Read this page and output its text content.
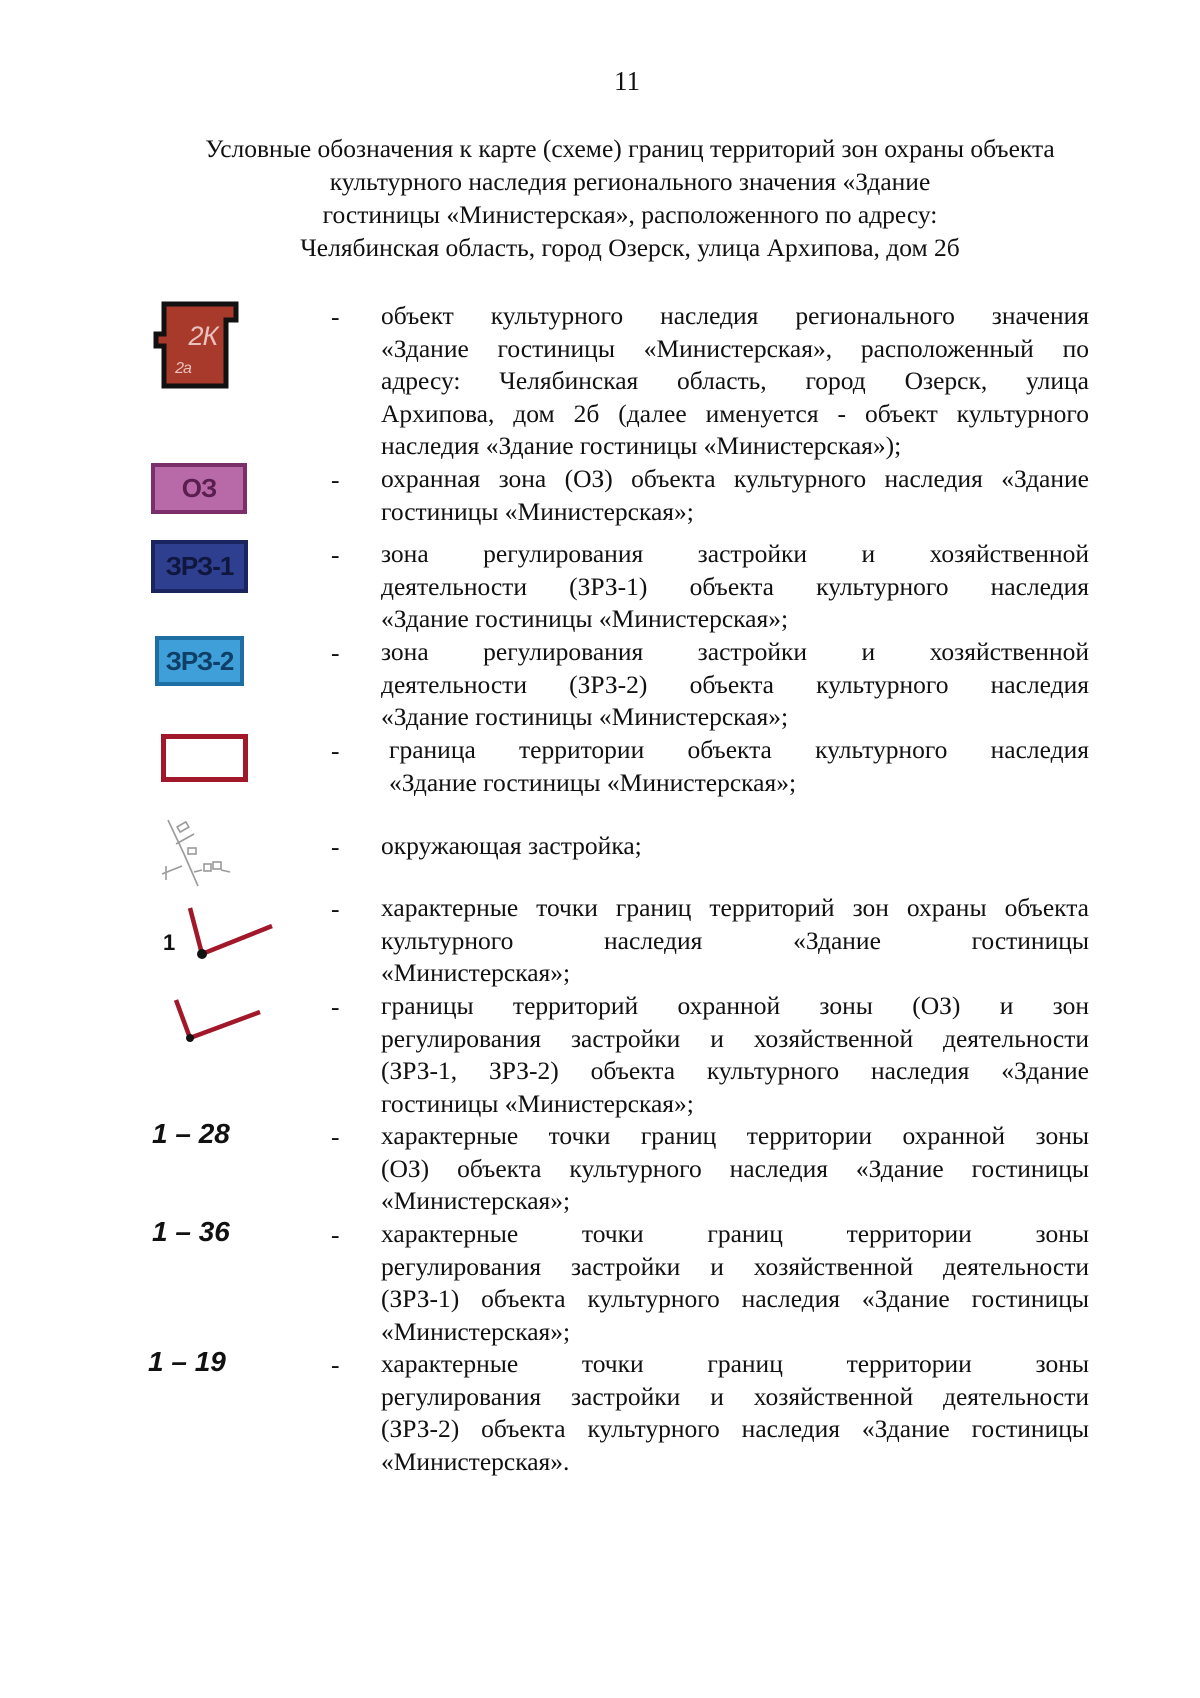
11
Условные обозначения к карте (схеме) границ территорий зон охраны объекта
культурного наследия регионального значения «Здание
гостиницы «Министерская», расположенного по адресу:
Челябинская область, город Озерск, улица Архипова, дом 2б
2К
2а
- объект культурного наследия регионального значения
«Здание гостиницы «Министерская», расположенный по
адресу: Челябинская область, город Озерск, улица
Архипова, дом 2б (далее именуется - объект культурного
наследия «Здание гостиницы «Министерская»);
ОЗ	- охранная зона (ОЗ) объекта культурного наследия «Здание
гостиницы «Министерская»;
ЗРЗ-1	- зона регулирования застройки и хозяйственной
деятельности (ЗРЗ-1) объекта культурного наследия
«Здание гостиницы «Министерская»;
ЗРЗ-2	- зона регулирования застройки и хозяйственной
деятельности (ЗРЗ-2) объекта культурного наследия
«Здание гостиницы «Министерская»;
- граница территории объекта культурного наследия
«Здание гостиницы «Министерская»;
- окружающая застройка;
1
- характерные точки границ территорий зон охраны объекта
культурного наследия «Здание гостиницы
«Министерская»;
- границы территорий охранной зоны (ОЗ) и зон
регулирования застройки и хозяйственной деятельности
(ЗРЗ-1, ЗРЗ-2) объекта культурного наследия «Здание
гостиницы «Министерская»;
1 – 28	- характерные точки границ территории охранной зоны
(ОЗ) объекта культурного наследия «Здание гостиницы
«Министерская»;
1 – 36	- характерные точки границ территории зоны
регулирования застройки и хозяйственной деятельности
(ЗРЗ-1) объекта культурного наследия «Здание гостиницы
«Министерская»;
1 – 19	- характерные точки границ территории зоны
регулирования застройки и хозяйственной деятельности
(ЗРЗ-2) объекта культурного наследия «Здание гостиницы
«Министерская».
